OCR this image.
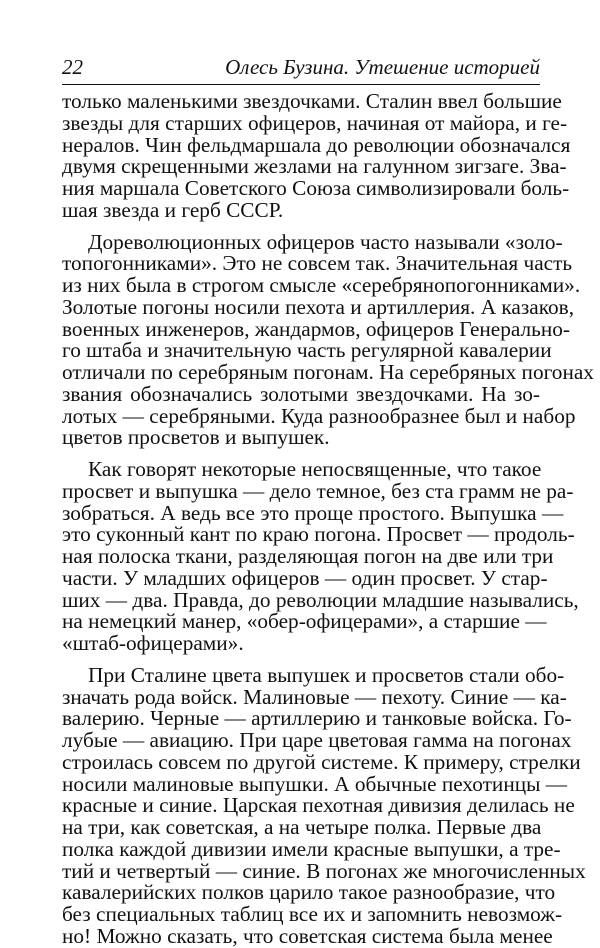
22	Олесь Бузина. Утешение историей
только маленькими звездочками. Сталин ввел большие
звезды для старших офицеров, начиная от майора, и ге-
нералов. Чин фельдмаршала до революции обозначался
двумя скрещенными жезлами на галунном зигзаге. Зва-
ния маршала Советского Союза символизировали боль-
шая звезда и герб СССР.
Дореволюционных офицеров часто называли «золо-
топогонниками». Это не совсем так. Значительная часть
из них была в строгом смысле «серебрянопогонниками».
Золотые погоны носили пехота и артиллерия. А казаков,
военных инженеров, жандармов, офицеров Генерально-
го штаба и значительную часть регулярной кавалерии
отличали по серебряным погонам. На серебряных погонах
звания обозначались золотыми звездочками. На зо-
лотых — серебряными. Куда разнообразнее был и набор
цветов просветов и выпушек.
Как говорят некоторые непосвященные, что такое
просвет и выпушка — дело темное, без ста грамм не ра-
зобраться. А ведь все это проще простого. Выпушка —
это суконный кант по краю погона. Просвет — продоль-
ная полоска ткани, разделяющая погон на две или три
части. У младших офицеров — один просвет. У стар-
ших — два. Правда, до революции младшие назывались,
на немецкий манер, «обер-офицерами», а старшие —
«штаб-офицерами».
При Сталине цвета выпушек и просветов стали обо-
значать рода войск. Малиновые — пехоту. Синие — ка-
валерию. Черные — артиллерию и танковые войска. Го-
лубые — авиацию. При царе цветовая гамма на погонах
строилась совсем по другой системе. К примеру, стрелки
носили малиновые выпушки. А обычные пехотинцы —
красные и синие. Царская пехотная дивизия делилась не
на три, как советская, а на четыре полка. Первые два
полка каждой дивизии имели красные выпушки, а тре-
тий и четвертый — синие. В погонах же многочисленных
кавалерийских полков царило такое разнообразие, что
без специальных таблиц все их и запомнить невозмож-
но! Можно сказать, что советская система была менее
